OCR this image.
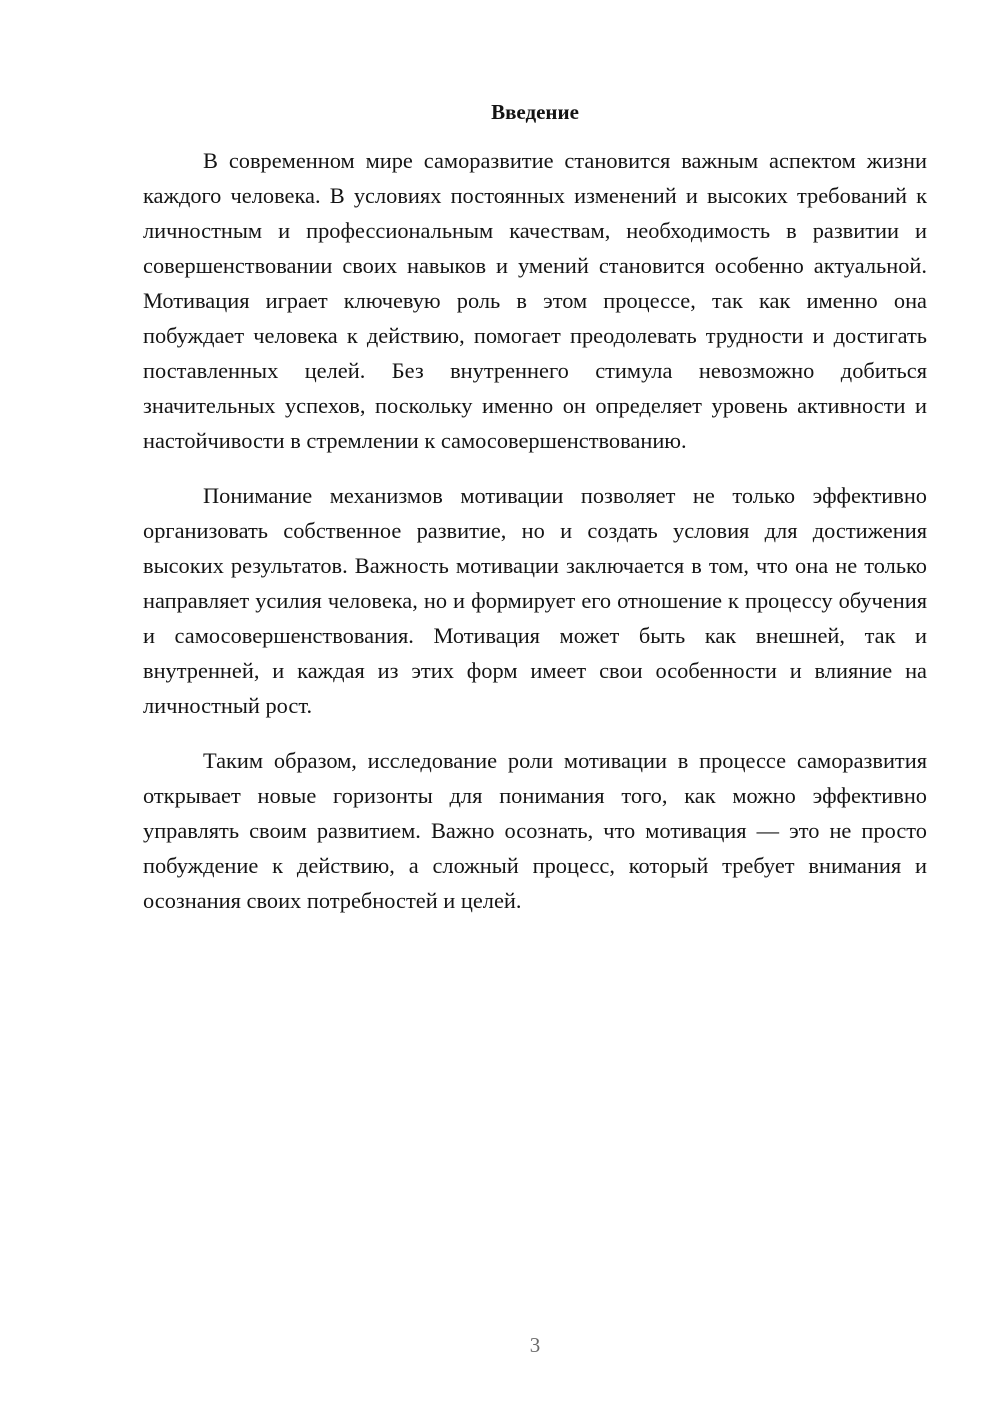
Введение

В современном мире саморазвитие становится важным аспектом жизни каждого человека. В условиях постоянных изменений и высоких требований к личностным и профессиональным качествам, необходимость в развитии и совершенствовании своих навыков и умений становится особенно актуальной. Мотивация играет ключевую роль в этом процессе, так как именно она побуждает человека к действию, помогает преодолевать трудности и достигать поставленных целей. Без внутреннего стимула невозможно добиться значительных успехов, поскольку именно он определяет уровень активности и настойчивости в стремлении к самосовершенствованию.

Понимание механизмов мотивации позволяет не только эффективно организовать собственное развитие, но и создать условия для достижения высоких результатов. Важность мотивации заключается в том, что она не только направляет усилия человека, но и формирует его отношение к процессу обучения и самосовершенствования. Мотивация может быть как внешней, так и внутренней, и каждая из этих форм имеет свои особенности и влияние на личностный рост.

Таким образом, исследование роли мотивации в процессе саморазвития открывает новые горизонты для понимания того, как можно эффективно управлять своим развитием. Важно осознать, что мотивация — это не просто побуждение к действию, а сложный процесс, который требует внимания и осознания своих потребностей и целей.

3
